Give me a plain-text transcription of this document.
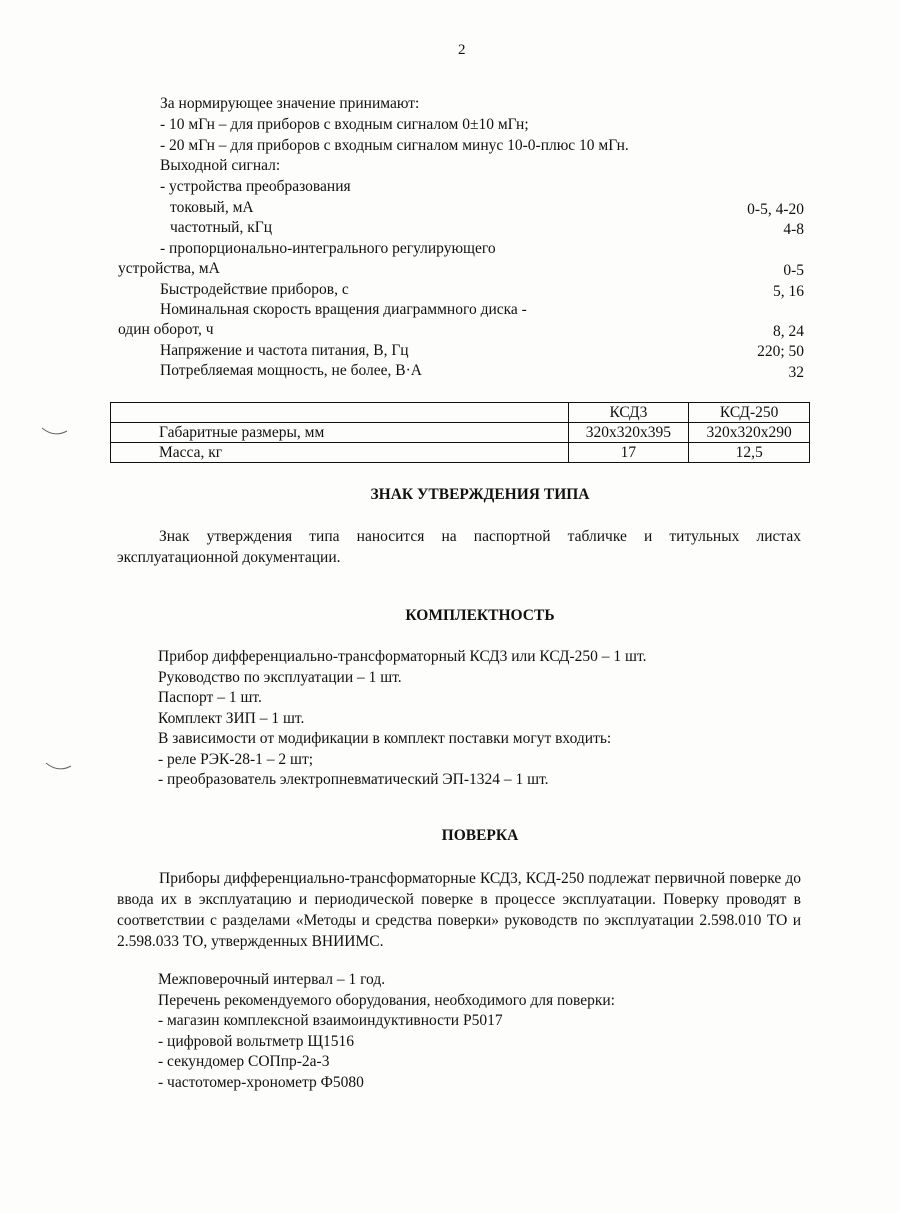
2
За нормирующее значение принимают:
- 10 мГн – для приборов с входным сигналом 0±10 мГн;
- 20 мГн – для приборов с входным сигналом минус 10-0-плюс 10 мГн.
Выходной сигнал:
- устройства преобразования
токовый, мА	0-5, 4-20
частотный, кГц	4-8
- пропорционально-интегрального регулирующего
устройства, мА	0-5
Быстродействие приборов, с	5, 16
Номинальная скорость вращения диаграммного диска -
один оборот, ч	8, 24
Напряжение и частота питания, В, Гц	220; 50
Потребляемая мощность, не более, В·А	32
	КСД3	КСД-250
Габаритные размеры, мм	320х320х395	320х320х290
Масса, кг	17	12,5
ЗНАК УТВЕРЖДЕНИЯ ТИПА
Знак утверждения типа наносится на паспортной табличке и титульных листах эксплуатационной документации.
КОМПЛЕКТНОСТЬ
Прибор дифференциально-трансформаторный КСД3 или КСД-250 – 1 шт.
Руководство по эксплуатации – 1 шт.
Паспорт – 1 шт.
Комплект ЗИП – 1 шт.
В зависимости от модификации в комплект поставки могут входить:
- реле РЭК-28-1 – 2 шт;
- преобразователь электропневматический ЭП-1324 – 1 шт.
ПОВЕРКА
Приборы дифференциально-трансформаторные КСД3, КСД-250 подлежат первичной поверке до ввода их в эксплуатацию и периодической поверке в процессе эксплуатации. Поверку проводят в соответствии с разделами «Методы и средства поверки» руководств по эксплуатации 2.598.010 ТО и 2.598.033 ТО, утвержденных ВНИИМС.
Межповерочный интервал – 1 год.
Перечень рекомендуемого оборудования, необходимого для поверки:
- магазин комплексной взаимоиндуктивности Р5017
- цифровой вольтметр Щ1516
- секундомер СОПпр-2а-3
- частотомер-хронометр Ф5080
